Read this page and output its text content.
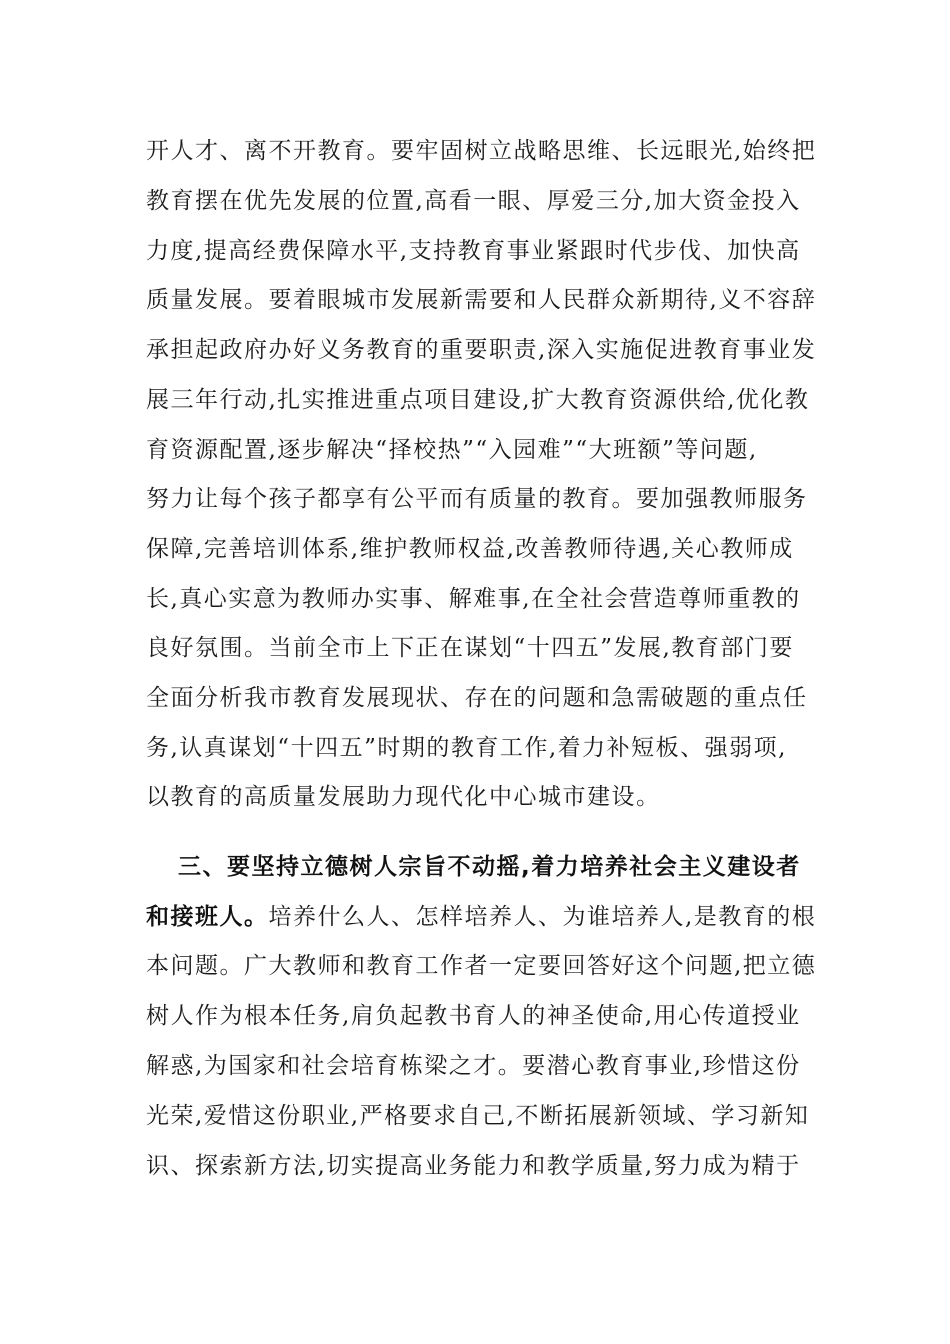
开人才、离不开教育。要牢固树立战略思维、长远眼光,始终把
教育摆在优先发展的位置,高看一眼、厚爱三分,加大资金投入
力度,提高经费保障水平,支持教育事业紧跟时代步伐、加快高
质量发展。要着眼城市发展新需要和人民群众新期待,义不容辞
承担起政府办好义务教育的重要职责,深入实施促进教育事业发
展三年行动,扎实推进重点项目建设,扩大教育资源供给,优化教
育资源配置,逐步解决“择校热”“入园难”“大班额”等问题,
努力让每个孩子都享有公平而有质量的教育。要加强教师服务
保障,完善培训体系,维护教师权益,改善教师待遇,关心教师成
长,真心实意为教师办实事、解难事,在全社会营造尊师重教的
良好氛围。当前全市上下正在谋划“十四五”发展,教育部门要
全面分析我市教育发展现状、存在的问题和急需破题的重点任
务,认真谋划“十四五”时期的教育工作,着力补短板、强弱项,
以教育的高质量发展助力现代化中心城市建设。
三、要坚持立德树人宗旨不动摇,着力培养社会主义建设者
和接班人。培养什么人、怎样培养人、为谁培养人,是教育的根
本问题。广大教师和教育工作者一定要回答好这个问题,把立德
树人作为根本任务,肩负起教书育人的神圣使命,用心传道授业
解惑,为国家和社会培育栋梁之才。要潜心教育事业,珍惜这份
光荣,爱惜这份职业,严格要求自己,不断拓展新领域、学习新知
识、探索新方法,切实提高业务能力和教学质量,努力成为精于
